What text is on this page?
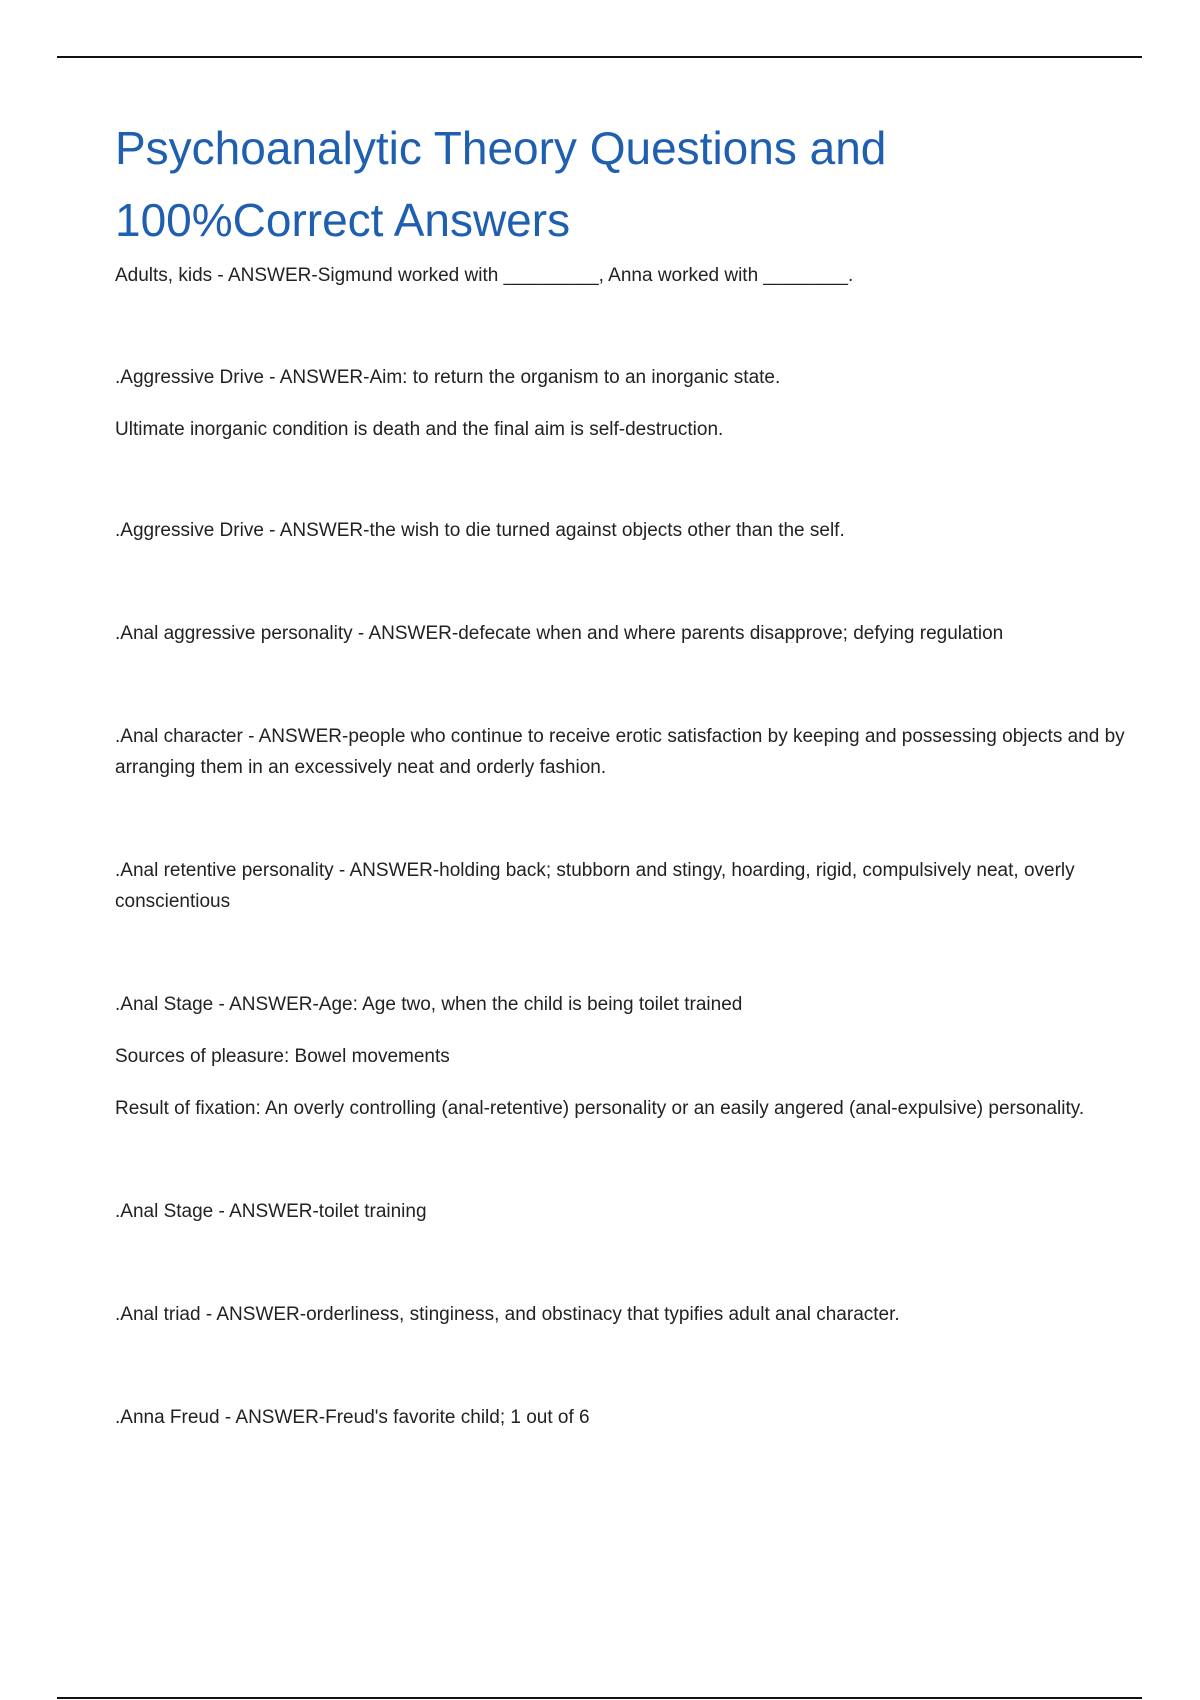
Psychoanalytic Theory Questions and
100%Correct Answers

Adults, kids - ANSWER-Sigmund worked with _________, Anna worked with ________.

.Aggressive Drive - ANSWER-Aim: to return the organism to an inorganic state.

Ultimate inorganic condition is death and the final aim is self-destruction.

.Aggressive Drive - ANSWER-the wish to die turned against objects other than the self.

.Anal aggressive personality - ANSWER-defecate when and where parents disapprove; defying regulation

.Anal character - ANSWER-people who continue to receive erotic satisfaction by keeping and possessing objects and by arranging them in an excessively neat and orderly fashion.

.Anal retentive personality - ANSWER-holding back; stubborn and stingy, hoarding, rigid, compulsively neat, overly conscientious

.Anal Stage - ANSWER-Age: Age two, when the child is being toilet trained

Sources of pleasure: Bowel movements

Result of fixation: An overly controlling (anal-retentive) personality or an easily angered (anal-expulsive) personality.

.Anal Stage - ANSWER-toilet training

.Anal triad - ANSWER-orderliness, stinginess, and obstinacy that typifies adult anal character.

.Anna Freud - ANSWER-Freud's favorite child; 1 out of 6
